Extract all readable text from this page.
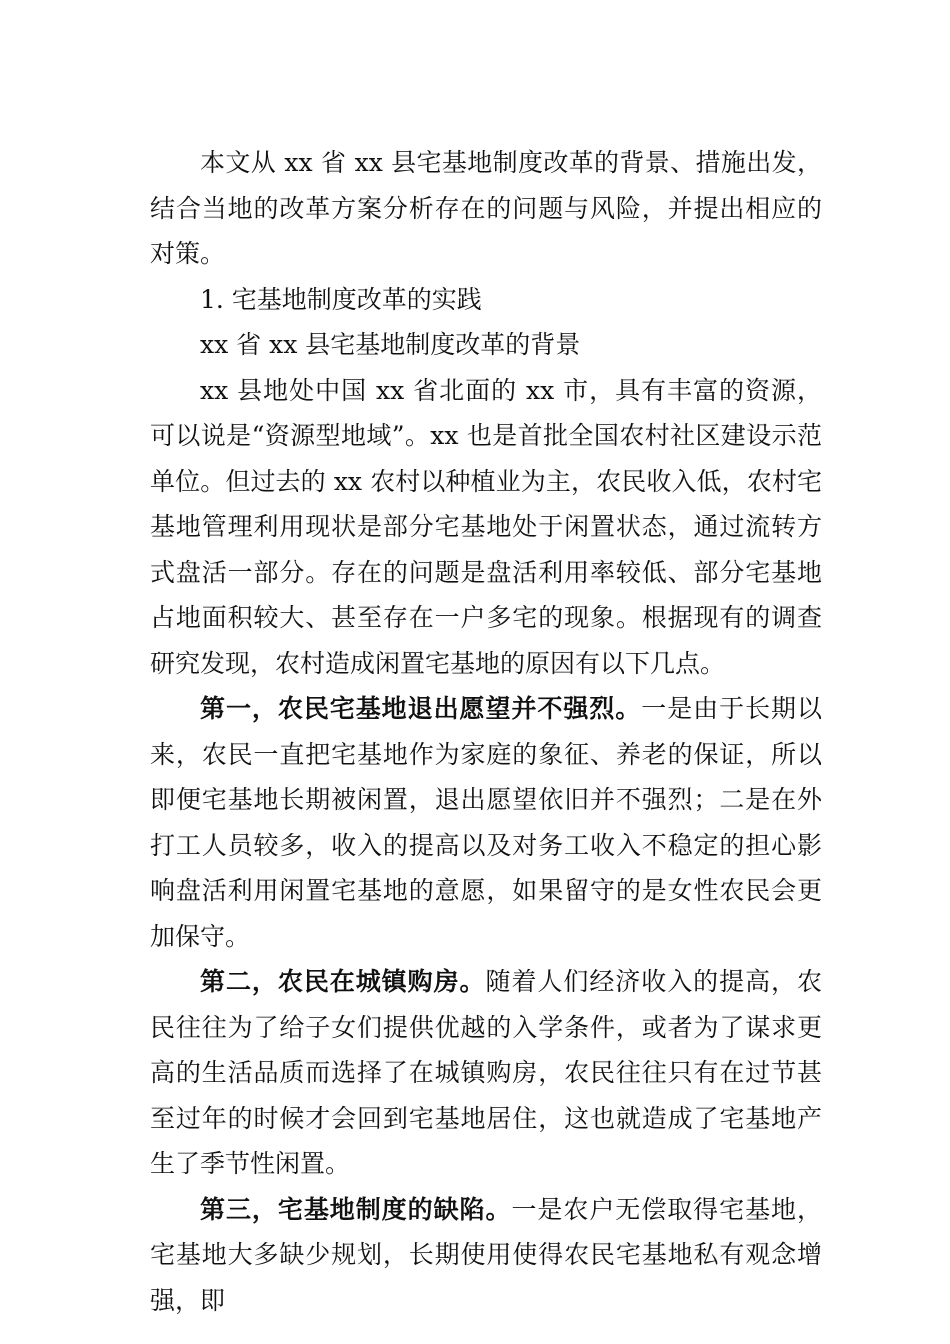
本文从 xx 省 xx 县宅基地制度改革的背景、措施出发，结合当地的改革方案分析存在的问题与风险，并提出相应的对策。

1. 宅基地制度改革的实践

xx 省 xx 县宅基地制度改革的背景

xx 县地处中国 xx 省北面的 xx 市，具有丰富的资源，可以说是“资源型地域”。xx 也是首批全国农村社区建设示范单位。但过去的 xx 农村以种植业为主，农民收入低，农村宅基地管理利用现状是部分宅基地处于闲置状态，通过流转方式盘活一部分。存在的问题是盘活利用率较低、部分宅基地占地面积较大、甚至存在一户多宅的现象。根据现有的调查研究发现，农村造成闲置宅基地的原因有以下几点。

第一，农民宅基地退出愿望并不强烈。一是由于长期以来，农民一直把宅基地作为家庭的象征、养老的保证，所以即便宅基地长期被闲置，退出愿望依旧并不强烈；二是在外打工人员较多，收入的提高以及对务工收入不稳定的担心影响盘活利用闲置宅基地的意愿，如果留守的是女性农民会更加保守。

第二，农民在城镇购房。随着人们经济收入的提高，农民往往为了给子女们提供优越的入学条件，或者为了谋求更高的生活品质而选择了在城镇购房，农民往往只有在过节甚至过年的时候才会回到宅基地居住，这也就造成了宅基地产生了季节性闲置。

第三，宅基地制度的缺陷。一是农户无偿取得宅基地，宅基地大多缺少规划，长期使用使得农民宅基地私有观念增强，即
